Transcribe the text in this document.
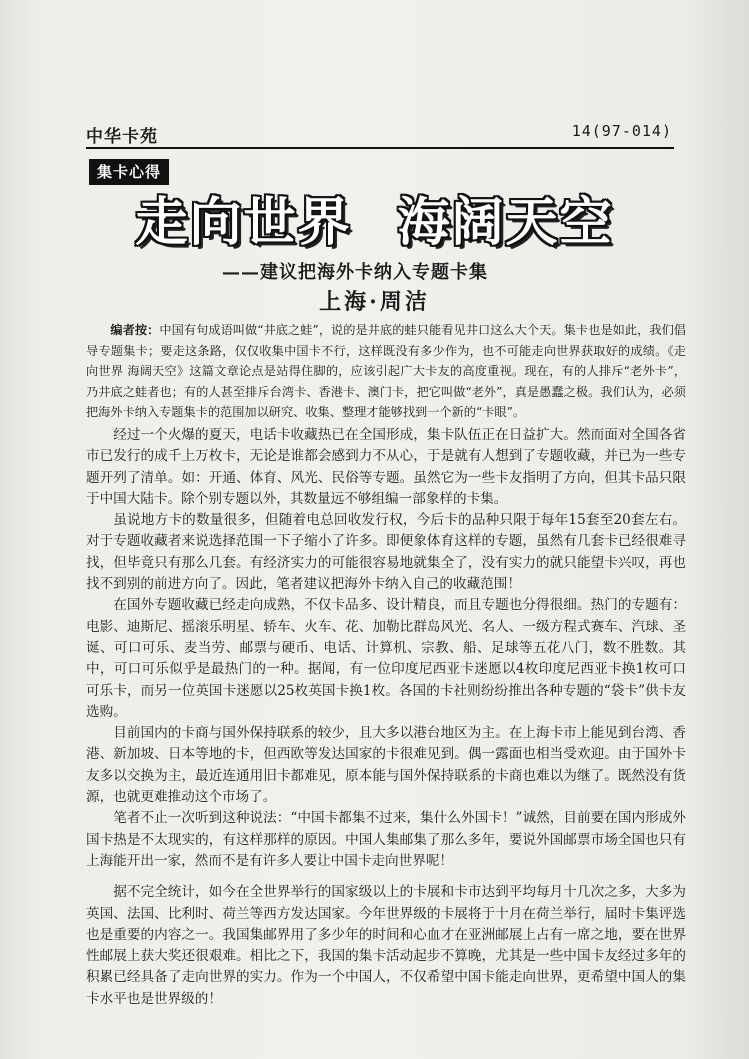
中华卡苑	14(97-014)
集卡心得
走向世界 海阔天空
——建议把海外卡纳入专题卡集
上海·周洁

编者按：中国有句成语叫做“井底之蛙”，说的是井底的蛙只能看见井口这么大个天。集卡也是如此，我们倡导专题集卡；要走这条路，仅仅收集中国卡不行，这样既没有多少作为，也不可能走向世界获取好的成绩。《走向世界 海阔天空》这篇文章论点是站得住脚的，应该引起广大卡友的高度重视。现在，有的人排斥“老外卡”，乃井底之蛙者也；有的人甚至排斥台湾卡、香港卡、澳门卡，把它叫做“老外”，真是愚蠢之极。我们认为，必须把海外卡纳入专题集卡的范围加以研究、收集、整理才能够找到一个新的“卡眼”。

经过一个火爆的夏天，电话卡收藏热已在全国形成，集卡队伍正在日益扩大。然而面对全国各省市已发行的成千上万枚卡，无论是谁都会感到力不从心，于是就有人想到了专题收藏，并已为一些专题开列了清单。如：开通、体育、风光、民俗等专题。虽然它为一些卡友指明了方向，但其卡品只限于中国大陆卡。除个别专题以外，其数量远不够组编一部象样的卡集。

虽说地方卡的数量很多，但随着电总回收发行权，今后卡的品种只限于每年15套至20套左右。对于专题收藏者来说选择范围一下子缩小了许多。即便象体育这样的专题，虽然有几套卡已经很难寻找，但毕竟只有那么几套。有经济实力的可能很容易地就集全了，没有实力的就只能望卡兴叹，再也找不到别的前进方向了。因此，笔者建议把海外卡纳入自己的收藏范围！

在国外专题收藏已经走向成熟，不仅卡品多、设计精良，而且专题也分得很细。热门的专题有：电影、迪斯尼、摇滚乐明星、轿车、火车、花、加勒比群岛风光、名人、一级方程式赛车、汽球、圣诞、可口可乐、麦当劳、邮票与硬币、电话、计算机、宗教、船、足球等五花八门，数不胜数。其中，可口可乐似乎是最热门的一种。据闻，有一位印度尼西亚卡迷愿以4枚印度尼西亚卡换1枚可口可乐卡，而另一位英国卡迷愿以25枚英国卡换1枚。各国的卡社则纷纷推出各种专题的“袋卡”供卡友选购。

目前国内的卡商与国外保持联系的较少，且大多以港台地区为主。在上海卡市上能见到台湾、香港、新加坡、日本等地的卡，但西欧等发达国家的卡很难见到。偶一露面也相当受欢迎。由于国外卡友多以交换为主，最近连通用旧卡都难见，原本能与国外保持联系的卡商也难以为继了。既然没有货源，也就更难推动这个市场了。

笔者不止一次听到这种说法：“中国卡都集不过来，集什么外国卡！”诚然，目前要在国内形成外国卡热是不太现实的，有这样那样的原因。中国人集邮集了那么多年，要说外国邮票市场全国也只有上海能开出一家，然而不是有许多人要让中国卡走向世界呢！

据不完全统计，如今在全世界举行的国家级以上的卡展和卡市达到平均每月十几次之多，大多为英国、法国、比利时、荷兰等西方发达国家。今年世界级的卡展将于十月在荷兰举行，届时卡集评选也是重要的内容之一。我国集邮界用了多少年的时间和心血才在亚洲邮展上占有一席之地，要在世界性邮展上获大奖还很艰难。相比之下，我国的集卡活动起步不算晚，尤其是一些中国卡友经过多年的积累已经具备了走向世界的实力。作为一个中国人，不仅希望中国卡能走向世界，更希望中国人的集卡水平也是世界级的！
